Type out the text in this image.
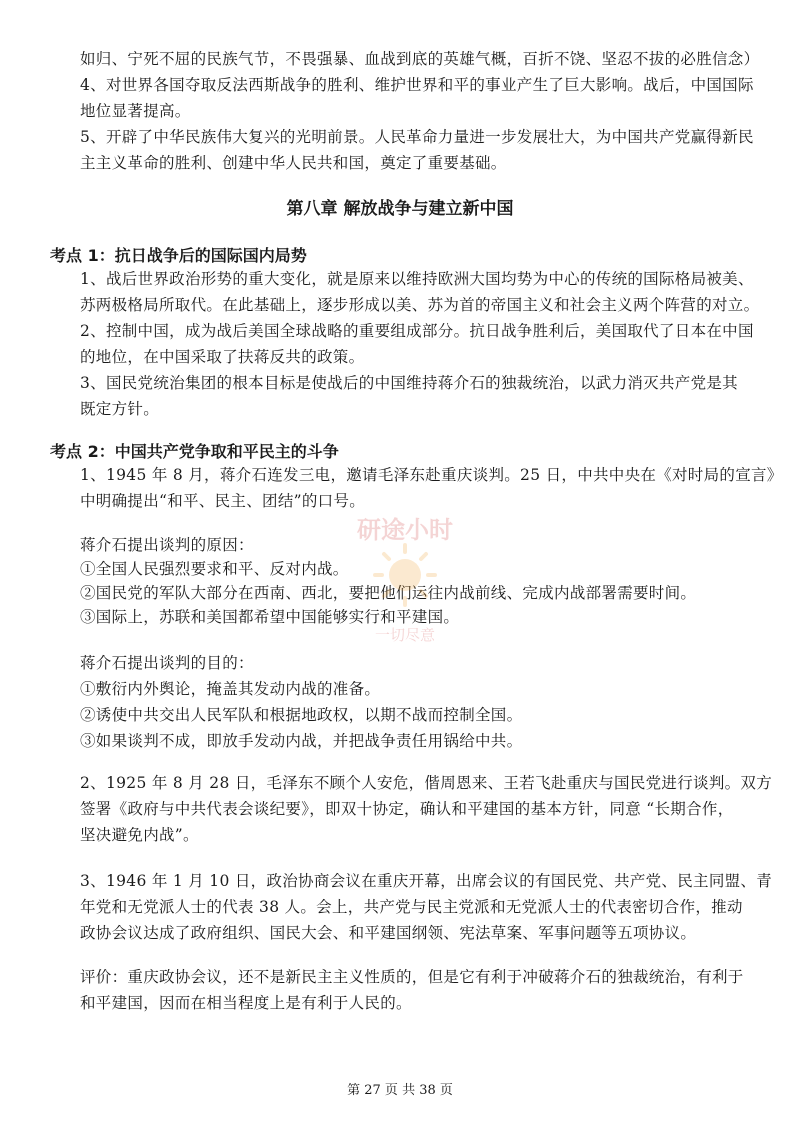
如归、宁死不屈的民族气节，不畏强暴、血战到底的英雄气概，百折不饶、坚忍不拔的必胜信念）
4、对世界各国夺取反法西斯战争的胜利、维护世界和平的事业产生了巨大影响。战后，中国国际
地位显著提高。
5、开辟了中华民族伟大复兴的光明前景。人民革命力量进一步发展壮大，为中国共产党赢得新民
主主义革命的胜利、创建中华人民共和国，奠定了重要基础。
第八章 解放战争与建立新中国
考点 1：抗日战争后的国际国内局势
1、战后世界政治形势的重大变化，就是原来以维持欧洲大国均势为中心的传统的国际格局被美、
苏两极格局所取代。在此基础上，逐步形成以美、苏为首的帝国主义和社会主义两个阵营的对立。
2、控制中国，成为战后美国全球战略的重要组成部分。抗日战争胜利后，美国取代了日本在中国
的地位，在中国采取了扶蒋反共的政策。
3、国民党统治集团的根本目标是使战后的中国维持蒋介石的独裁统治，以武力消灭共产党是其
既定方针。
考点 2：中国共产党争取和平民主的斗争
1、1945 年 8 月，蒋介石连发三电，邀请毛泽东赴重庆谈判。25 日，中共中央在《对时局的宣言》
中明确提出“和平、民主、团结”的口号。
蒋介石提出谈判的原因：
①全国人民强烈要求和平、反对内战。
②国民党的军队大部分在西南、西北，要把他们运往内战前线、完成内战部署需要时间。
③国际上，苏联和美国都希望中国能够实行和平建国。
蒋介石提出谈判的目的：
①敷衍内外舆论，掩盖其发动内战的准备。
②诱使中共交出人民军队和根据地政权，以期不战而控制全国。
③如果谈判不成，即放手发动内战，并把战争责任用锅给中共。
2、1925 年 8 月 28 日，毛泽东不顾个人安危，偕周恩来、王若飞赴重庆与国民党进行谈判。双方
签署《政府与中共代表会谈纪要》，即双十协定，确认和平建国的基本方针，同意 “长期合作，
坚决避免内战”。
3、1946 年 1 月 10 日，政治协商会议在重庆开幕，出席会议的有国民党、共产党、民主同盟、青
年党和无党派人士的代表 38 人。会上，共产党与民主党派和无党派人士的代表密切合作，推动
政协会议达成了政府组织、国民大会、和平建国纲领、宪法草案、军事问题等五项协议。
评价：重庆政协会议，还不是新民主主义性质的，但是它有利于冲破蒋介石的独裁统治，有利于
和平建国，因而在相当程度上是有利于人民的。
研途小时
一切尽意
第 27 页 共 38 页
